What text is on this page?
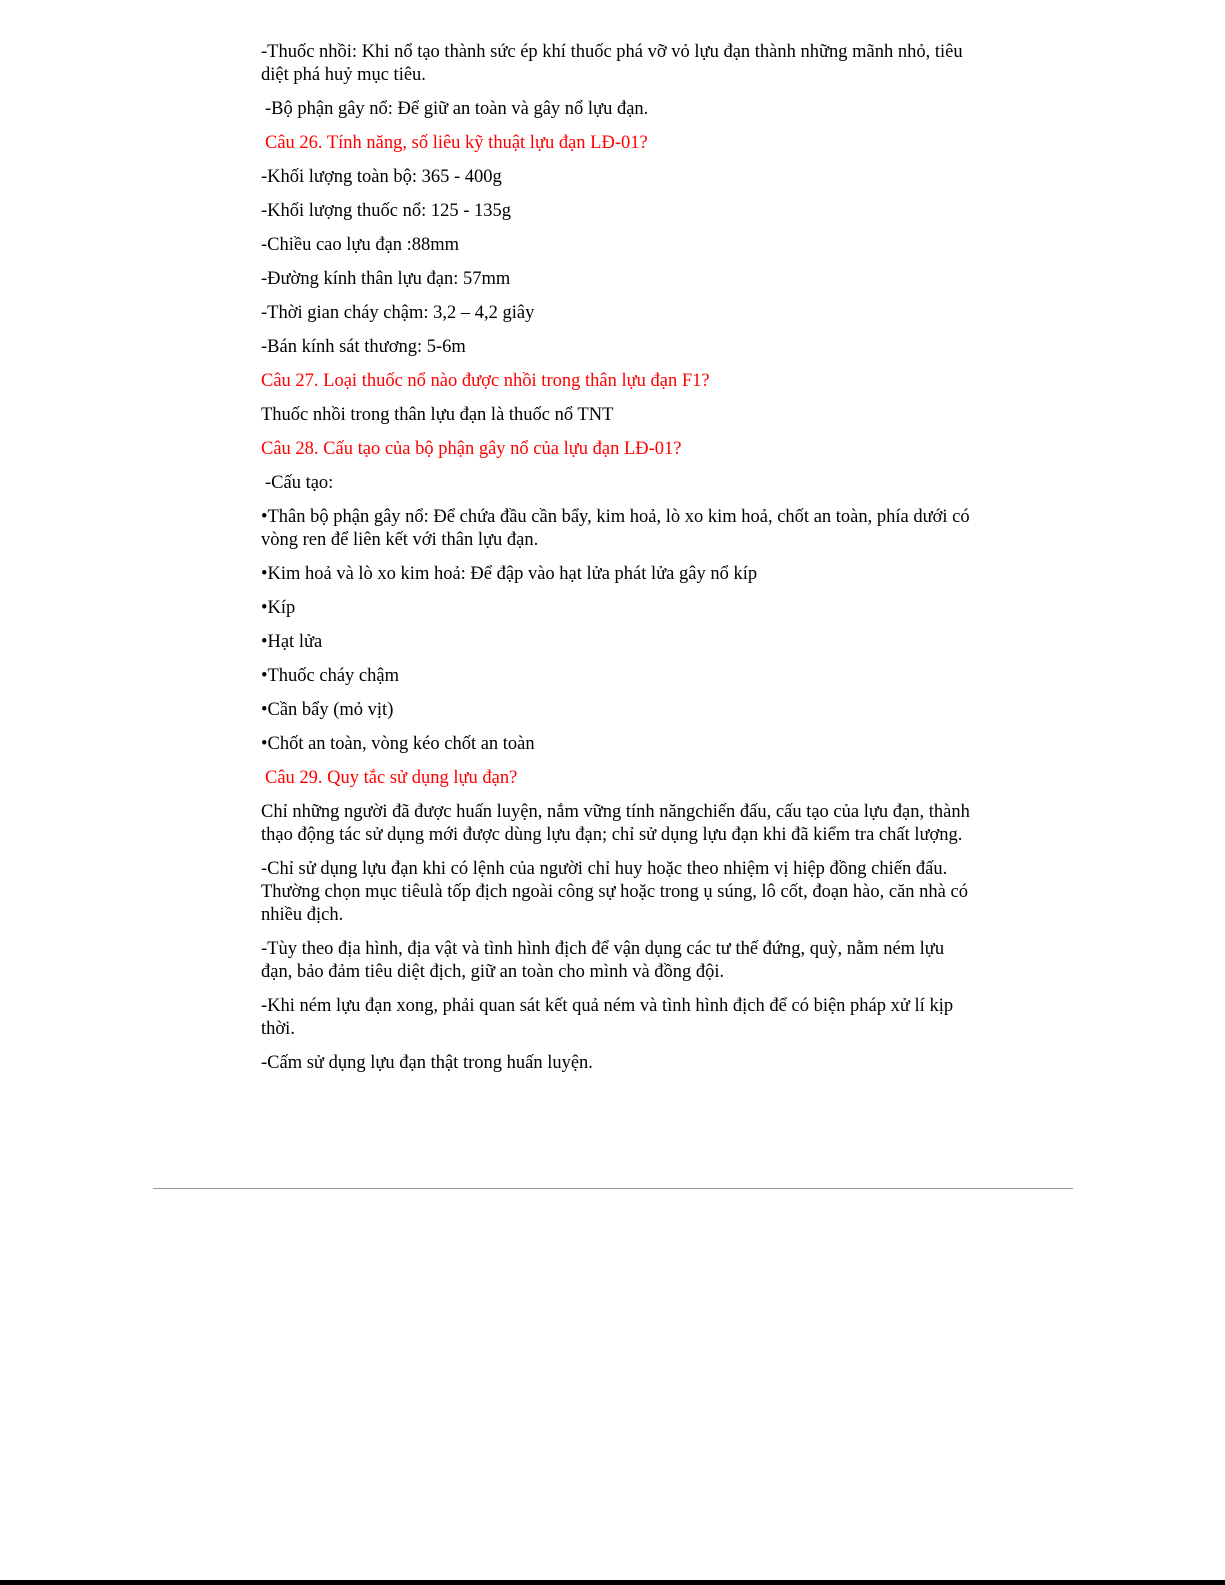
-Thuốc nhồi: Khi nổ tạo thành sức ép khí thuốc phá vỡ vỏ lựu đạn thành những mãnh nhỏ, tiêu diệt phá huỷ mục tiêu.

-Bộ phận gây nổ: Để giữ an toàn và gây nổ lựu đạn.

Câu 26. Tính năng, số liêu kỹ thuật lựu đạn LĐ-01?

-Khối lượng toàn bộ: 365 - 400g

-Khối lượng thuốc nổ: 125 - 135g

-Chiều cao lựu đạn :88mm

-Đường kính thân lựu đạn: 57mm

-Thời gian cháy chậm: 3,2 – 4,2 giây

-Bán kính sát thương: 5-6m

Câu 27. Loại thuốc nổ nào được nhồi trong thân lựu đạn F1?

Thuốc nhồi trong thân lựu đạn là thuốc nổ TNT

Câu 28. Cấu tạo của bộ phận gây nổ của lựu đạn LĐ-01?

-Cấu tạo:

•Thân bộ phận gây nổ: Để chứa đầu cần bẩy, kim hoả, lò xo kim hoả, chốt an toàn, phía dưới có vòng ren để liên kết với thân lựu đạn.

•Kim hoả và lò xo kim hoả: Để đập vào hạt lửa phát lửa gây nổ kíp

•Kíp

•Hạt lửa

•Thuốc cháy chậm

•Cần bẩy (mỏ vịt)

•Chốt an toàn, vòng kéo chốt an toàn

Câu 29. Quy tắc sử dụng lựu đạn?

Chỉ những người đã được huấn luyện, nắm vững tính năngchiến đấu, cấu tạo của lựu đạn, thành thạo động tác sử dụng mới được dùng lựu đạn; chỉ sử dụng lựu đạn khi đã kiểm tra chất lượng.

-Chỉ sử dụng lựu đạn khi có lệnh của người chỉ huy hoặc theo nhiệm vị hiệp đồng chiến đấu. Thường chọn mục tiêulà tốp địch ngoài công sự hoặc trong ụ súng, lô cốt, đoạn hào, căn nhà có nhiều địch.

-Tùy theo địa hình, địa vật và tình hình địch để vận dụng các tư thế đứng, quỳ, nằm ném lựu đạn, bảo đảm tiêu diệt địch, giữ an toàn cho mình và đồng đội.

-Khi ném lựu đạn xong, phải quan sát kết quả ném và tình hình địch để có biện pháp xử lí kịp thời.

-Cấm sử dụng lựu đạn thật trong huấn luyện.
